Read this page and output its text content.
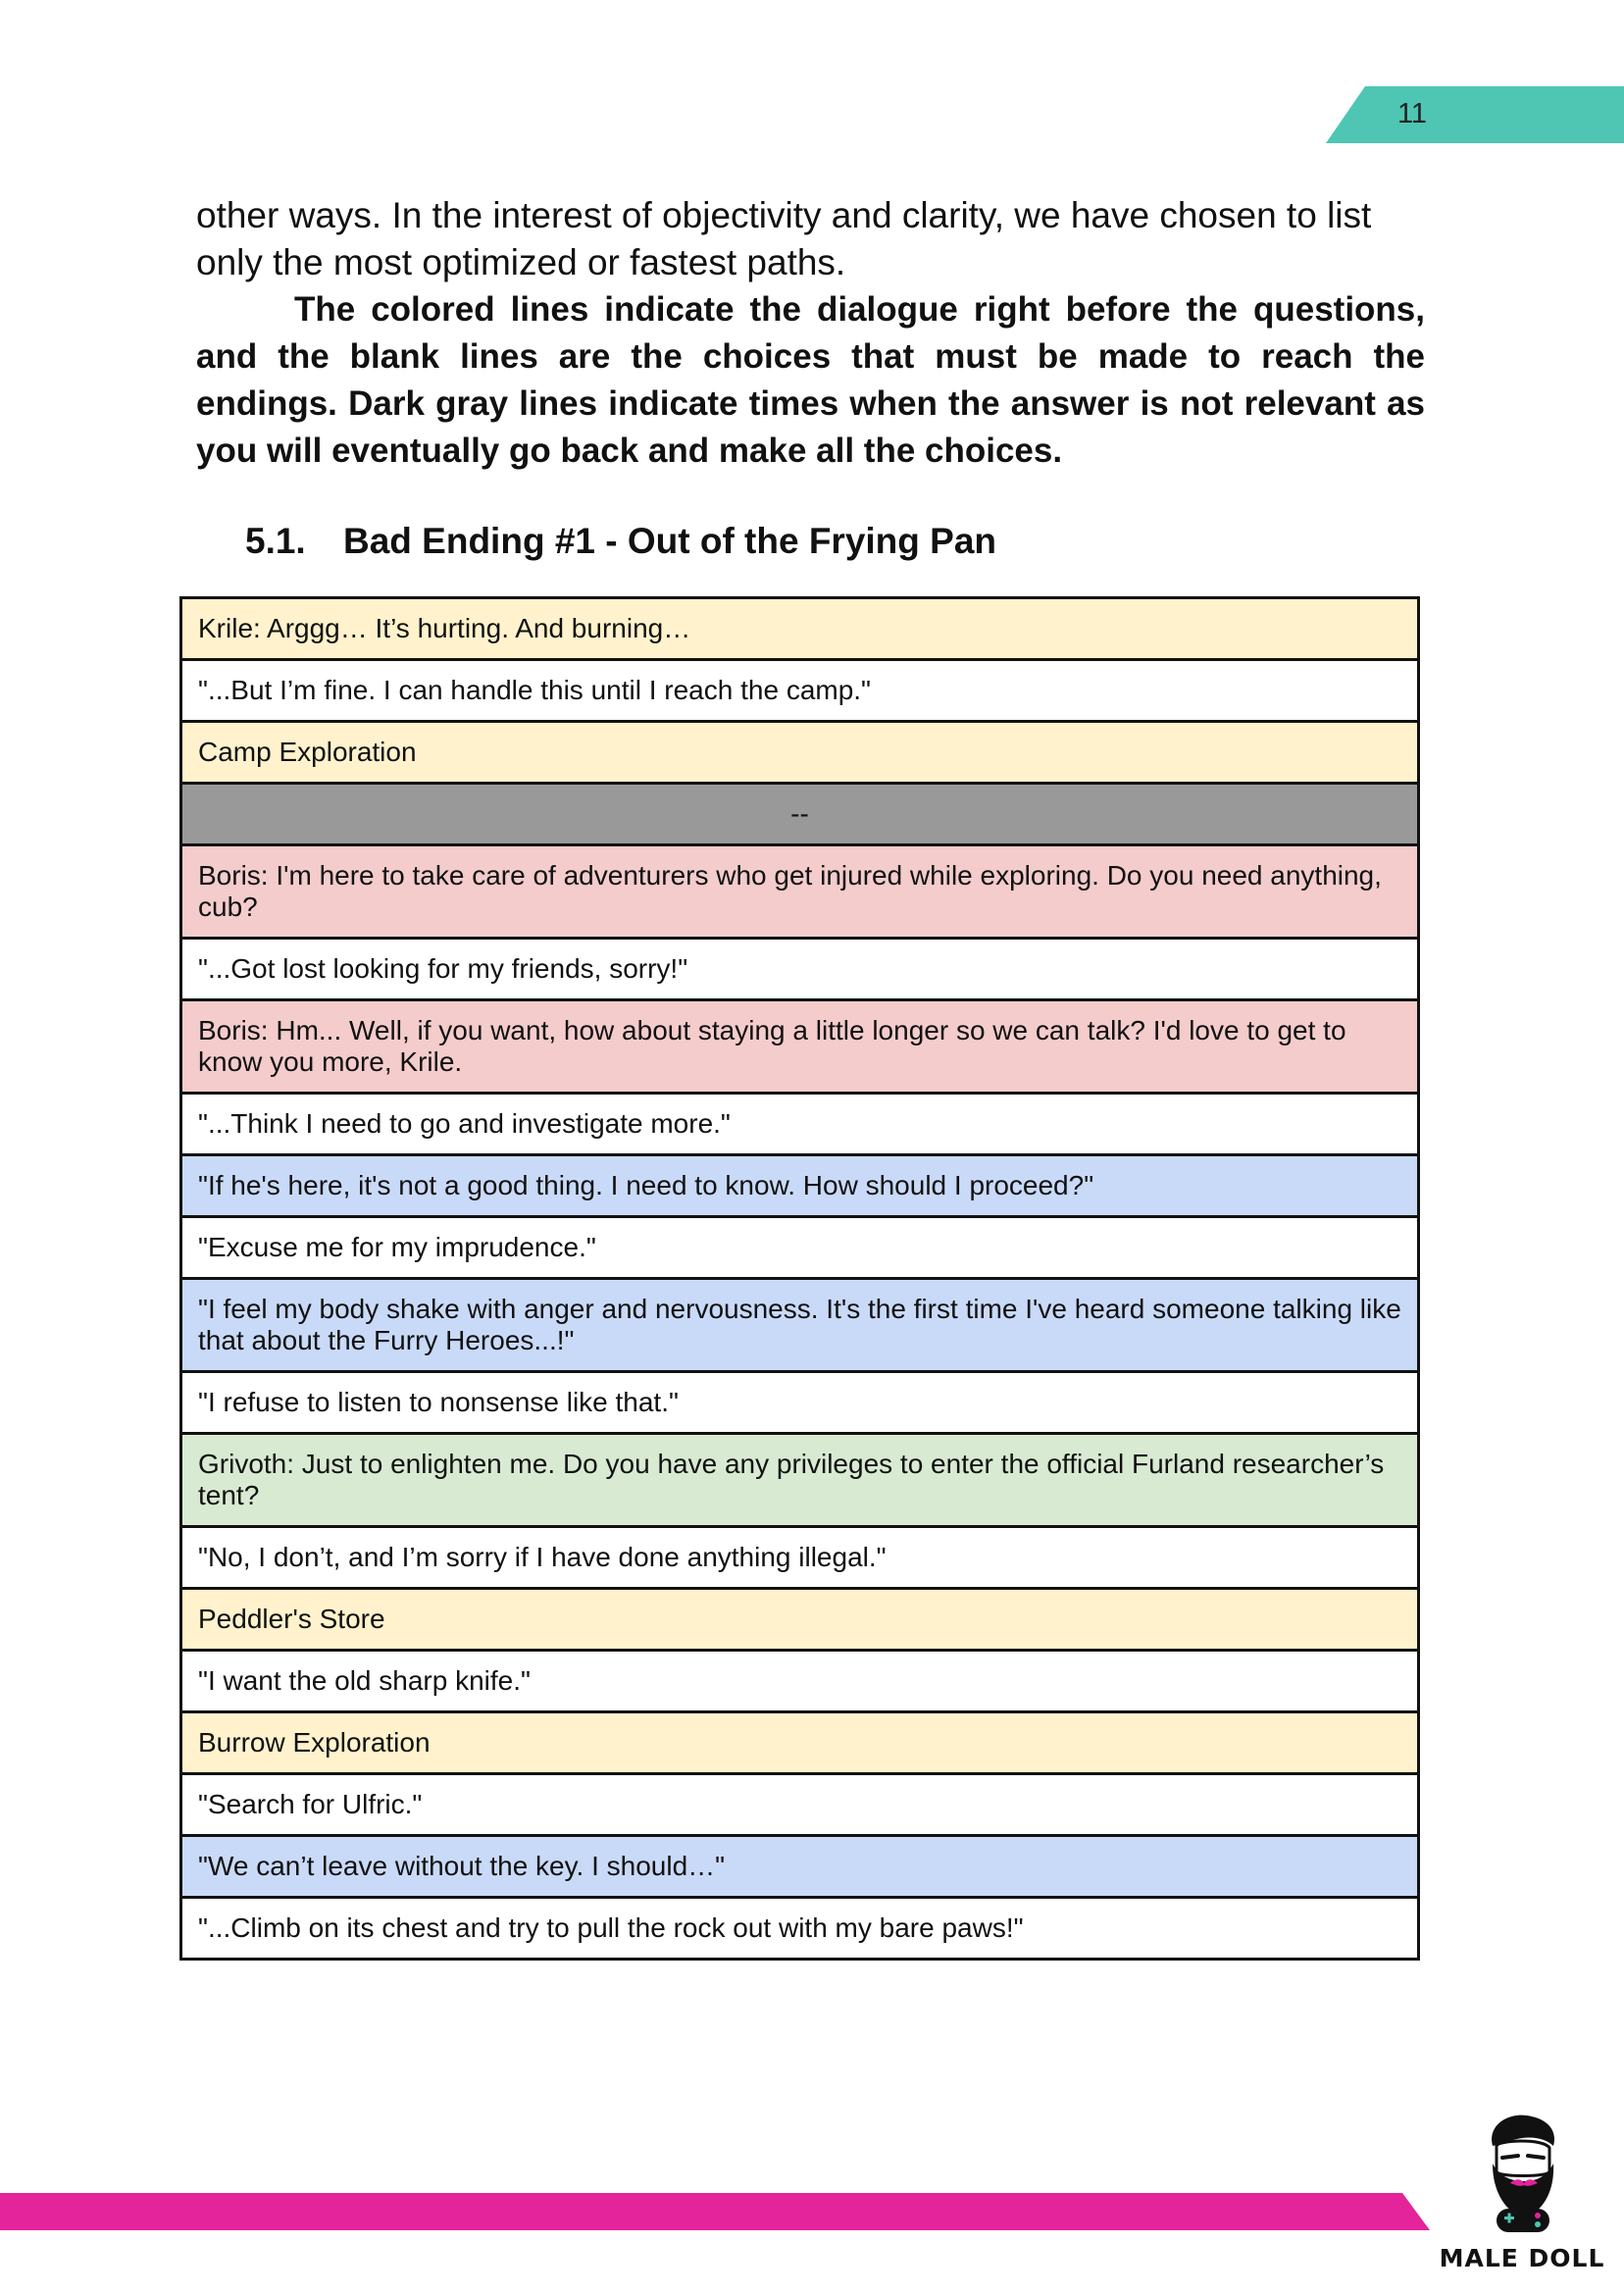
11

other ways. In the interest of objectivity and clarity, we have chosen to list only the most optimized or fastest paths.

The colored lines indicate the dialogue right before the questions, and the blank lines are the choices that must be made to reach the endings. Dark gray lines indicate times when the answer is not relevant as you will eventually go back and make all the choices.

5.1. Bad Ending #1 - Out of the Frying Pan
Krile: Arggg… It’s hurting. And burning…
"...But I’m fine. I can handle this until I reach the camp."
Camp Exploration
--
Boris: I'm here to take care of adventurers who get injured while exploring. Do you need anything, cub?
"...Got lost looking for my friends, sorry!"
Boris: Hm... Well, if you want, how about staying a little longer so we can talk? I'd love to get to know you more, Krile.
"...Think I need to go and investigate more."
"If he's here, it's not a good thing. I need to know. How should I proceed?"
"Excuse me for my imprudence."
"I feel my body shake with anger and nervousness. It's the first time I've heard someone talking like that about the Furry Heroes...!"
"I refuse to listen to nonsense like that."
Grivoth: Just to enlighten me. Do you have any privileges to enter the official Furland researcher’s tent?
"No, I don’t, and I’m sorry if I have done anything illegal."
Peddler's Store
"I want the old sharp knife."
Burrow Exploration
"Search for Ulfric."
"We can’t leave without the key. I should…"
"...Climb on its chest and try to pull the rock out with my bare paws!"
MALE DOLL
